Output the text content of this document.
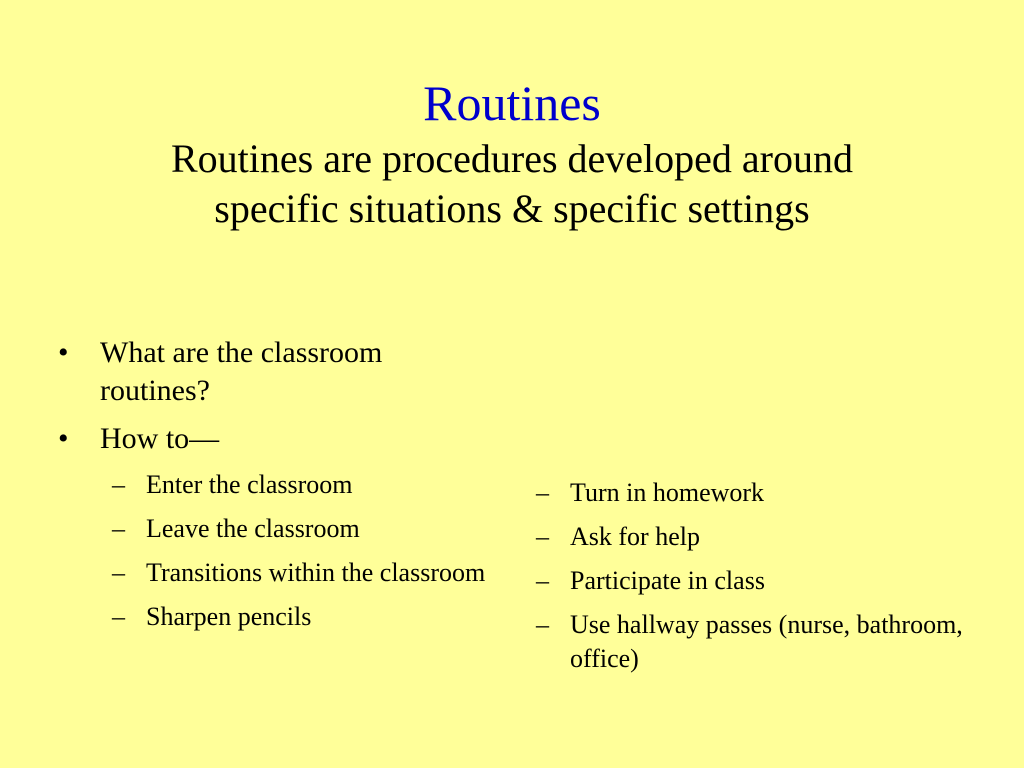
Routines
Routines are procedures developed around
specific situations & specific settings
•	What are the classroom routines?
•	How to—
– Enter the classroom
– Leave the classroom
– Transitions within the classroom
– Sharpen pencils
– Turn in homework
– Ask for help
– Participate in class
– Use hallway passes (nurse, bathroom, office)
